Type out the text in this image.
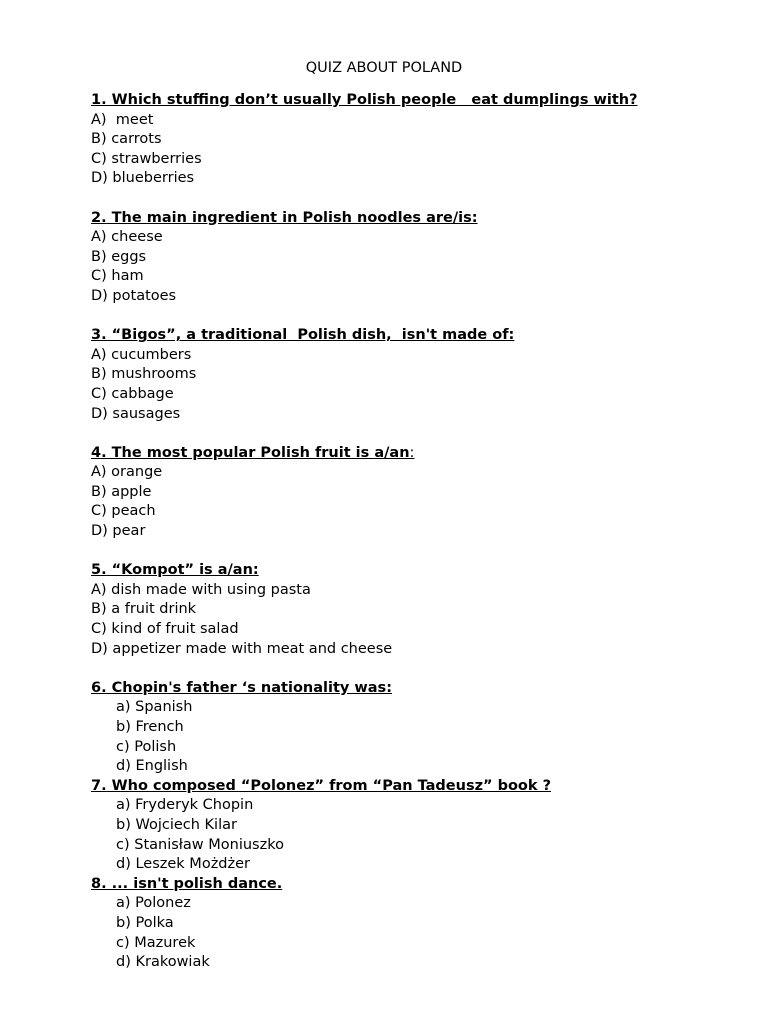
QUIZ ABOUT POLAND

1. Which stuffing don’t usually Polish people   eat dumplings with?

A)  meet

B) carrots

C) strawberries

D) blueberries

2. The main ingredient in Polish noodles are/is:

A) cheese

B) eggs

C) ham

D) potatoes

3. “Bigos”, a traditional  Polish dish,  isn't made of:

A) cucumbers

B) mushrooms

C) cabbage

D) sausages

4. The most popular Polish fruit is a/an:

A) orange

B) apple

C) peach

D) pear

5. “Kompot” is a/an:

A) dish made with using pasta

B) a fruit drink

C) kind of fruit salad

D) appetizer made with meat and cheese

6. Chopin's father ‘s nationality was:

a) Spanish

b) French

c) Polish

d) English

7. Who composed “Polonez” from “Pan Tadeusz” book ?

a) Fryderyk Chopin

b) Wojciech Kilar

c) Stanisław Moniuszko

d) Leszek Możdżer

8. ... isn't polish dance.

a) Polonez

b) Polka

c) Mazurek

d) Krakowiak
